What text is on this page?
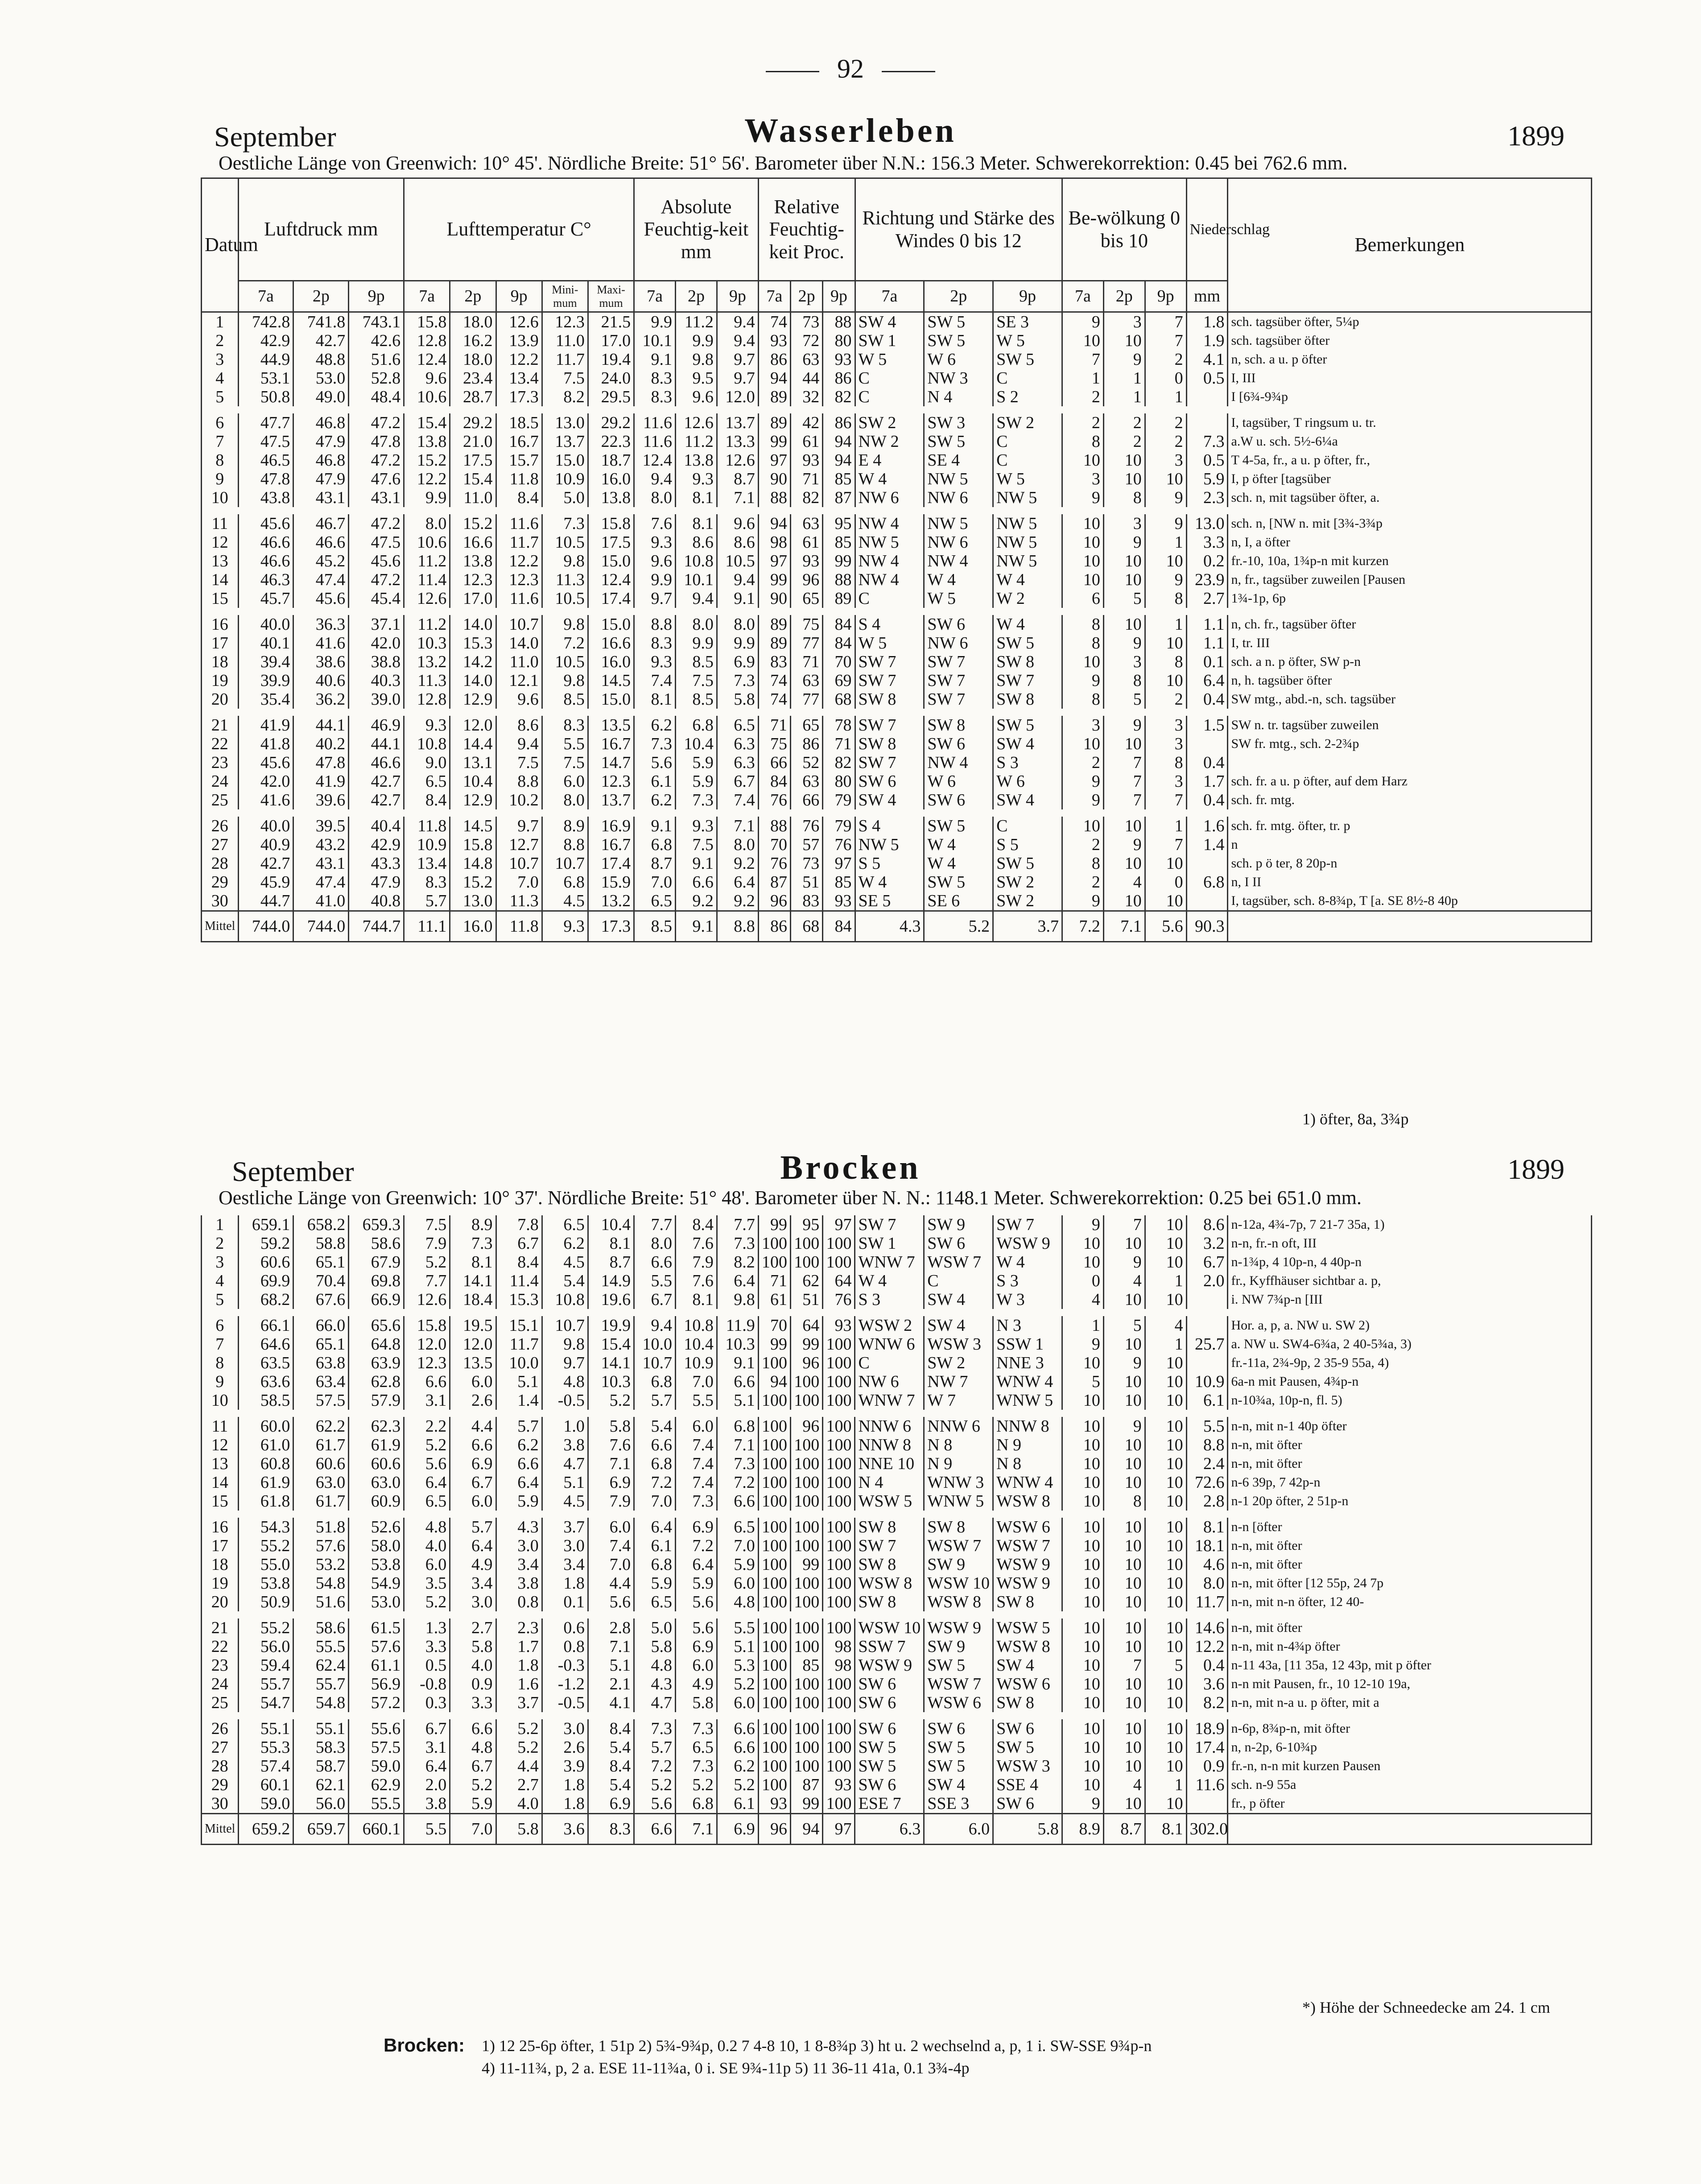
92
September	Wasserleben	1899
Oestliche Länge von Greenwich: 10° 45'. Nördliche Breite: 51° 56'. Barometer über N.N.: 156.3 Meter. Schwerekorrektion: 0.45 bei 762.6 mm.
Datum	Luftdruck mm			Lufttemperatur C°					Absolute Feuchtig-keit mm			Relative Feuchtig-keit Proc.			Richtung und Stärke des Windes 0 bis 12			Be-wölkung 0 bis 10			Niederschlag	Bemerkungen
	7a	2p	9p	7a	2p	9p	Mini-mum	Maxi-mum	7a	2p	9p	7a	2p	9p	7a	2p	9p	7a	2p	9p	mm	
1	742.8	741.8	743.1	15.8	18.0	12.6	12.3	21.5	9.9	11.2	9.4	74	73	88	SW 4	SW 5	SE 3	9	3	7	1.8	sch. tagsüber öfter, 5¼p
2	42.9	42.7	42.6	12.8	16.2	13.9	11.0	17.0	10.1	9.9	9.4	93	72	80	SW 1	SW 5	W 5	10	10	7	1.9	sch. tagsüber öfter
3	44.9	48.8	51.6	12.4	18.0	12.2	11.7	19.4	9.1	9.8	9.7	86	63	93	W 5	W 6	SW 5	7	9	2	4.1	n, sch. a u. p öfter
4	53.1	53.0	52.8	9.6	23.4	13.4	7.5	24.0	8.3	9.5	9.7	94	44	86	C	NW 3	C	1	1	0	0.5	I, III
5	50.8	49.0	48.4	10.6	28.7	17.3	8.2	29.5	8.3	9.6	12.0	89	32	82	C	N 4	S 2	2	1	1		I [6¾-9¾p

6	47.7	46.8	47.2	15.4	29.2	18.5	13.0	29.2	11.6	12.6	13.7	89	42	86	SW 2	SW 3	SW 2	2	2	2		I, tagsüber, T ringsum u. tr.
7	47.5	47.9	47.8	13.8	21.0	16.7	13.7	22.3	11.6	11.2	13.3	99	61	94	NW 2	SW 5	C	8	2	2	7.3	a.W u. sch. 5½-6¼a
8	46.5	46.8	47.2	15.2	17.5	15.7	15.0	18.7	12.4	13.8	12.6	97	93	94	E 4	SE 4	C	10	10	3	0.5	T 4-5a, fr., a u. p öfter, fr.,
9	47.8	47.9	47.6	12.2	15.4	11.8	10.9	16.0	9.4	9.3	8.7	90	71	85	W 4	NW 5	W 5	3	10	10	5.9	I, p öfter [tagsüber
10	43.8	43.1	43.1	9.9	11.0	8.4	5.0	13.8	8.0	8.1	7.1	88	82	87	NW 6	NW 6	NW 5	9	8	9	2.3	sch. n, mit tagsüber öfter, a.

11	45.6	46.7	47.2	8.0	15.2	11.6	7.3	15.8	7.6	8.1	9.6	94	63	95	NW 4	NW 5	NW 5	10	3	9	13.0	sch. n, [NW n. mit [3¾-3¾p
12	46.6	46.6	47.5	10.6	16.6	11.7	10.5	17.5	9.3	8.6	8.6	98	61	85	NW 5	NW 6	NW 5	10	9	1	3.3	n, I, a öfter
13	46.6	45.2	45.6	11.2	13.8	12.2	9.8	15.0	9.6	10.8	10.5	97	93	99	NW 4	NW 4	NW 5	10	10	10	0.2	fr.-10, 10a, 1¾p-n mit kurzen
14	46.3	47.4	47.2	11.4	12.3	12.3	11.3	12.4	9.9	10.1	9.4	99	96	88	NW 4	W 4	W 4	10	10	9	23.9	n, fr., tagsüber zuweilen [Pausen
15	45.7	45.6	45.4	12.6	17.0	11.6	10.5	17.4	9.7	9.4	9.1	90	65	89	C	W 5	W 2	6	5	8	2.7	1¾-1p, 6p

16	40.0	36.3	37.1	11.2	14.0	10.7	9.8	15.0	8.8	8.0	8.0	89	75	84	S 4	SW 6	W 4	8	10	1	1.1	n, ch. fr., tagsüber öfter
17	40.1	41.6	42.0	10.3	15.3	14.0	7.2	16.6	8.3	9.9	9.9	89	77	84	W 5	NW 6	SW 5	8	9	10	1.1	I, tr. III
18	39.4	38.6	38.8	13.2	14.2	11.0	10.5	16.0	9.3	8.5	6.9	83	71	70	SW 7	SW 7	SW 8	10	3	8	0.1	sch. a n. p öfter, SW p-n
19	39.9	40.6	40.3	11.3	14.0	12.1	9.8	14.5	7.4	7.5	7.3	74	63	69	SW 7	SW 7	SW 7	9	8	10	6.4	n, h. tagsüber öfter
20	35.4	36.2	39.0	12.8	12.9	9.6	8.5	15.0	8.1	8.5	5.8	74	77	68	SW 8	SW 7	SW 8	8	5	2	0.4	SW mtg., abd.-n, sch. tagsüber

21	41.9	44.1	46.9	9.3	12.0	8.6	8.3	13.5	6.2	6.8	6.5	71	65	78	SW 7	SW 8	SW 5	3	9	3	1.5	SW n. tr. tagsüber zuweilen
22	41.8	40.2	44.1	10.8	14.4	9.4	5.5	16.7	7.3	10.4	6.3	75	86	71	SW 8	SW 6	SW 4	10	10	3		SW fr. mtg., sch. 2-2¾p
23	45.6	47.8	46.6	9.0	13.1	7.5	7.5	14.7	5.6	5.9	6.3	66	52	82	SW 7	NW 4	S 3	2	7	8	0.4	
24	42.0	41.9	42.7	6.5	10.4	8.8	6.0	12.3	6.1	5.9	6.7	84	63	80	SW 6	W 6	W 6	9	7	3	1.7	sch. fr. a u. p öfter, auf dem Harz
25	41.6	39.6	42.7	8.4	12.9	10.2	8.0	13.7	6.2	7.3	7.4	76	66	79	SW 4	SW 6	SW 4	9	7	7	0.4	sch. fr. mtg.

26	40.0	39.5	40.4	11.8	14.5	9.7	8.9	16.9	9.1	9.3	7.1	88	76	79	S 4	SW 5	C	10	10	1	1.6	sch. fr. mtg. öfter, tr. p
27	40.9	43.2	42.9	10.9	15.8	12.7	8.8	16.7	6.8	7.5	8.0	70	57	76	NW 5	W 4	S 5	2	9	7	1.4	n
28	42.7	43.1	43.3	13.4	14.8	10.7	10.7	17.4	8.7	9.1	9.2	76	73	97	S 5	W 4	SW 5	8	10	10		sch. p ö ter, 8 20p-n
29	45.9	47.4	47.9	8.3	15.2	7.0	6.8	15.9	7.0	6.6	6.4	87	51	85	W 4	SW 5	SW 2	2	4	0	6.8	n, I II
30	44.7	41.0	40.8	5.7	13.0	11.3	4.5	13.2	6.5	9.2	9.2	96	83	93	SE 5	SE 6	SW 2	9	10	10		I, tagsüber, sch. 8-8¾p, T [a. SE 8½-8 40p
Mittel	744.0	744.0	744.7	11.1	16.0	11.8	9.3	17.3	8.5	9.1	8.8	86	68	84	4.3	5.2	3.7	7.2	7.1	5.6	90.3	
1) öfter, 8a, 3¾p
September	Brocken	1899
Oestliche Länge von Greenwich: 10° 37'. Nördliche Breite: 51° 48'. Barometer über N. N.: 1148.1 Meter. Schwerekorrektion: 0.25 bei 651.0 mm.
1	659.1	658.2	659.3	7.5	8.9	7.8	6.5	10.4	7.7	8.4	7.7	99	95	97	SW 7	SW 9	SW 7	9	7	10	8.6	n-12a, 4¾-7p, 7 21-7 35a, 1)
2	59.2	58.8	58.6	7.9	7.3	6.7	6.2	8.1	8.0	7.6	7.3	100	100	100	SW 1	SW 6	WSW 9	10	10	10	3.2	n-n, fr.-n oft, III
3	60.6	65.1	67.9	5.2	8.1	8.4	4.5	8.7	6.6	7.9	8.2	100	100	100	WNW 7	WSW 7	W 4	10	9	10	6.7	n-1¾p, 4 10p-n, 4 40p-n
4	69.9	70.4	69.8	7.7	14.1	11.4	5.4	14.9	5.5	7.6	6.4	71	62	64	W 4	C	S 3	0	4	1	2.0	fr., Kyffhäuser sichtbar a. p,
5	68.2	67.6	66.9	12.6	18.4	15.3	10.8	19.6	6.7	8.1	9.8	61	51	76	S 3	SW 4	W 3	4	10	10		i. NW 7¾p-n [III

6	66.1	66.0	65.6	15.8	19.5	15.1	10.7	19.9	9.4	10.8	11.9	70	64	93	WSW 2	SW 4	N 3	1	5	4		Hor. a, p, a. NW u. SW 2)
7	64.6	65.1	64.8	12.0	12.0	11.7	9.8	15.4	10.0	10.4	10.3	99	99	100	WNW 6	WSW 3	SSW 1	9	10	1	25.7	a. NW u. SW4-6¾a, 2 40-5¾a, 3)
8	63.5	63.8	63.9	12.3	13.5	10.0	9.7	14.1	10.7	10.9	9.1	100	96	100	C	SW 2	NNE 3	10	9	10		fr.-11a, 2¾-9p, 2 35-9 55a, 4)
9	63.6	63.4	62.8	6.6	6.0	5.1	4.8	10.3	6.8	7.0	6.6	94	100	100	NW 6	NW 7	WNW 4	5	10	10	10.9	6a-n mit Pausen, 4¾p-n
10	58.5	57.5	57.9	3.1	2.6	1.4	-0.5	5.2	5.7	5.5	5.1	100	100	100	WNW 7	W 7	WNW 5	10	10	10	6.1	n-10¾a, 10p-n, fl. 5)

11	60.0	62.2	62.3	2.2	4.4	5.7	1.0	5.8	5.4	6.0	6.8	100	96	100	NNW 6	NNW 6	NNW 8	10	9	10	5.5	n-n, mit n-1 40p öfter
12	61.0	61.7	61.9	5.2	6.6	6.2	3.8	7.6	6.6	7.4	7.1	100	100	100	NNW 8	N 8	N 9	10	10	10	8.8	n-n, mit öfter
13	60.8	60.6	60.6	5.6	6.9	6.6	4.7	7.1	6.8	7.4	7.3	100	100	100	NNE 10	N 9	N 8	10	10	10	2.4	n-n, mit öfter
14	61.9	63.0	63.0	6.4	6.7	6.4	5.1	6.9	7.2	7.4	7.2	100	100	100	N 4	WNW 3	WNW 4	10	10	10	72.6	n-6 39p, 7 42p-n
15	61.8	61.7	60.9	6.5	6.0	5.9	4.5	7.9	7.0	7.3	6.6	100	100	100	WSW 5	WNW 5	WSW 8	10	8	10	2.8	n-1 20p öfter, 2 51p-n

16	54.3	51.8	52.6	4.8	5.7	4.3	3.7	6.0	6.4	6.9	6.5	100	100	100	SW 8	SW 8	WSW 6	10	10	10	8.1	n-n [öfter
17	55.2	57.6	58.0	4.0	6.4	3.0	3.0	7.4	6.1	7.2	7.0	100	100	100	SW 7	WSW 7	WSW 7	10	10	10	18.1	n-n, mit öfter
18	55.0	53.2	53.8	6.0	4.9	3.4	3.4	7.0	6.8	6.4	5.9	100	99	100	SW 8	SW 9	WSW 9	10	10	10	4.6	n-n, mit öfter
19	53.8	54.8	54.9	3.5	3.4	3.8	1.8	4.4	5.9	5.9	6.0	100	100	100	WSW 8	WSW 10	WSW 9	10	10	10	8.0	n-n, mit öfter [12 55p, 24 7p
20	50.9	51.6	53.0	5.2	3.0	0.8	0.1	5.6	6.5	5.6	4.8	100	100	100	SW 8	WSW 8	SW 8	10	10	10	11.7	n-n, mit n-n öfter, 12 40-

21	55.2	58.6	61.5	1.3	2.7	2.3	0.6	2.8	5.0	5.6	5.5	100	100	100	WSW 10	WSW 9	WSW 5	10	10	10	14.6	n-n, mit öfter
22	56.0	55.5	57.6	3.3	5.8	1.7	0.8	7.1	5.8	6.9	5.1	100	100	98	SSW 7	SW 9	WSW 8	10	10	10	12.2	n-n, mit n-4¾p öfter
23	59.4	62.4	61.1	0.5	4.0	1.8	-0.3	5.1	4.8	6.0	5.3	100	85	98	WSW 9	SW 5	SW 4	10	7	5	0.4	n-11 43a, [11 35a, 12 43p, mit p öfter
24	55.7	55.7	56.9	-0.8	0.9	1.6	-1.2	2.1	4.3	4.9	5.2	100	100	100	SW 6	WSW 7	WSW 6	10	10	10	3.6	n-n mit Pausen, fr., 10 12-10 19a,
25	54.7	54.8	57.2	0.3	3.3	3.7	-0.5	4.1	4.7	5.8	6.0	100	100	100	SW 6	WSW 6	SW 8	10	10	10	8.2	n-n, mit n-a u. p öfter, mit a

26	55.1	55.1	55.6	6.7	6.6	5.2	3.0	8.4	7.3	7.3	6.6	100	100	100	SW 6	SW 6	SW 6	10	10	10	18.9	n-6p, 8¾p-n, mit öfter
27	55.3	58.3	57.5	3.1	4.8	5.2	2.6	5.4	5.7	6.5	6.6	100	100	100	SW 5	SW 5	SW 5	10	10	10	17.4	n, n-2p, 6-10¾p
28	57.4	58.7	59.0	6.4	6.7	4.4	3.9	8.4	7.2	7.3	6.2	100	100	100	SW 5	SW 5	WSW 3	10	10	10	0.9	fr.-n, n-n mit kurzen Pausen
29	60.1	62.1	62.9	2.0	5.2	2.7	1.8	5.4	5.2	5.2	5.2	100	87	93	SW 6	SW 4	SSE 4	10	4	1	11.6	sch. n-9 55a
30	59.0	56.0	55.5	3.8	5.9	4.0	1.8	6.9	5.6	6.8	6.1	93	99	100	ESE 7	SSE 3	SW 6	9	10	10		fr., p öfter
Mittel	659.2	659.7	660.1	5.5	7.0	5.8	3.6	8.3	6.6	7.1	6.9	96	94	97	6.3	6.0	5.8	8.9	8.7	8.1	302.0	
*) Höhe der Schneedecke am 24. 1 cm
Brocken: 1) 12 25-6p öfter, 1 51p 2) 5¾-9¾p, 0.2 7 4-8 10, 1 8-8¾p 3) ht u. 2 wechselnd a, p, 1 i. SW-SSE 9¾p-n
4) 11-11¾, p, 2 a. ESE 11-11¾a, 0 i. SE 9¾-11p 5) 11 36-11 41a, 0.1 3¾-4p
